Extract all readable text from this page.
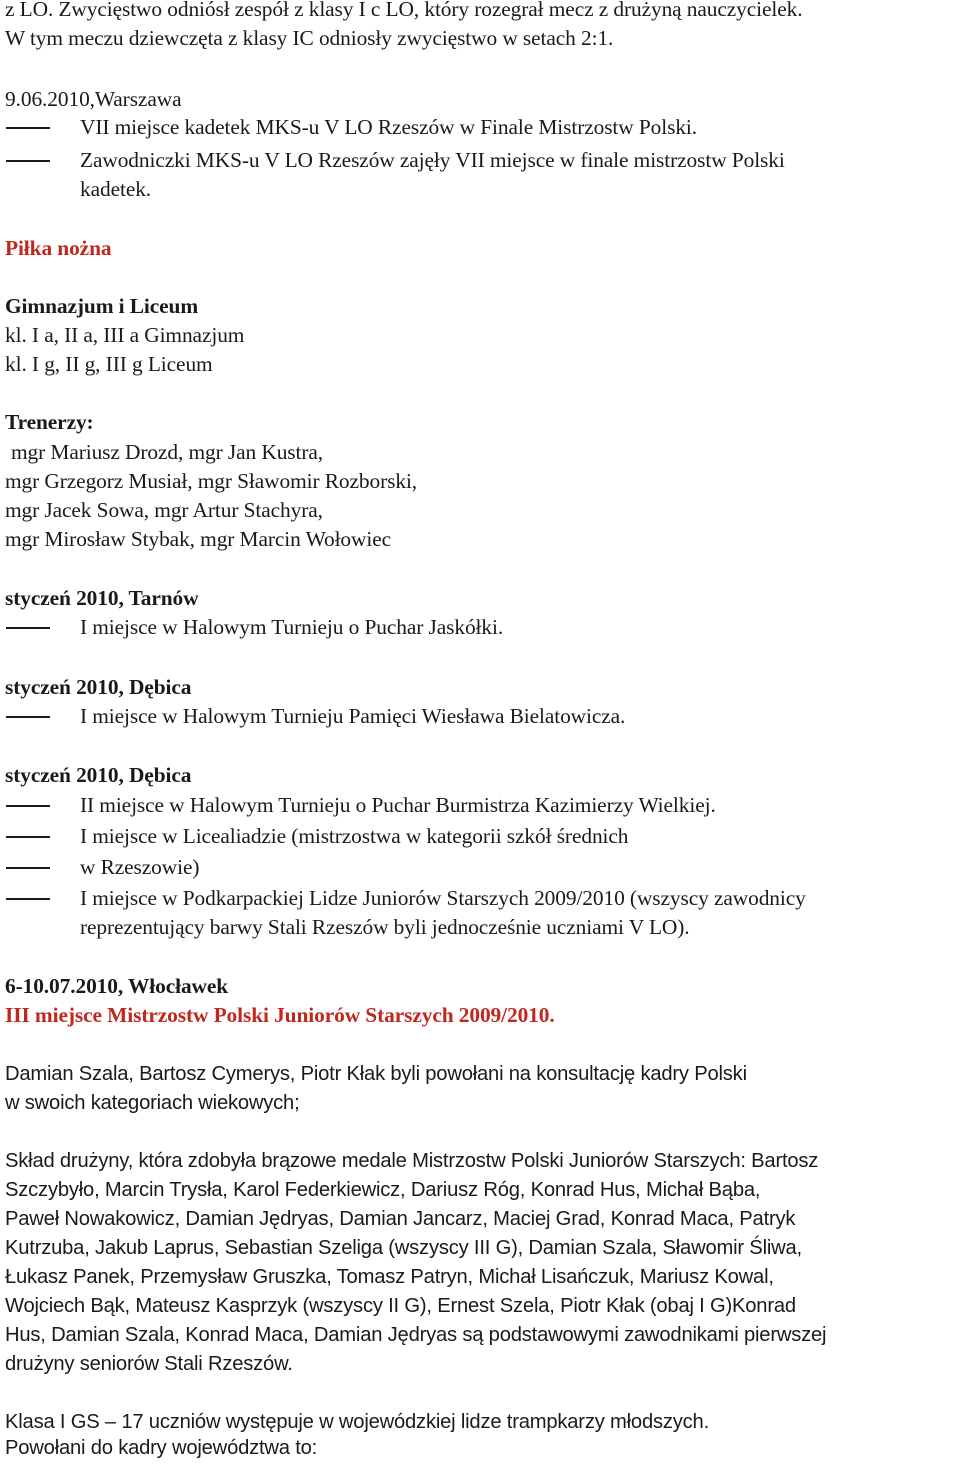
z LO. Zwycięstwo odniósł zespół z klasy I c LO, który rozegrał mecz z drużyną nauczycielek.

W tym meczu dziewczęta z klasy IC odniosły zwycięstwo w setach 2:1.

9.06.2010,Warszawa

VII miejsce kadetek MKS-u V LO Rzeszów w Finale Mistrzostw Polski.

Zawodniczki MKS-u V LO Rzeszów zajęły VII miejsce w finale mistrzostw Polski

kadetek.

Piłka nożna

Gimnazjum i Liceum

kl. I a, II a, III a Gimnazjum

kl. I g, II g, III g Liceum

Trenerzy:

mgr Mariusz Drozd, mgr Jan Kustra,

mgr Grzegorz Musiał, mgr Sławomir Rozborski,

mgr Jacek Sowa, mgr Artur Stachyra,

mgr Mirosław Stybak, mgr Marcin Wołowiec

styczeń 2010, Tarnów

I miejsce w Halowym Turnieju o Puchar Jaskółki.

styczeń 2010, Dębica

I miejsce w Halowym Turnieju Pamięci Wiesława Bielatowicza.

styczeń 2010, Dębica

II miejsce w Halowym Turnieju o Puchar Burmistrza Kazimierzy Wielkiej.

I miejsce w Licealiadzie (mistrzostwa w kategorii szkół średnich

w Rzeszowie)

I miejsce w Podkarpackiej Lidze Juniorów Starszych 2009/2010 (wszyscy zawodnicy

reprezentujący barwy Stali Rzeszów byli jednocześnie uczniami V LO).

6-10.07.2010, Włocławek

III miejsce Mistrzostw Polski Juniorów Starszych 2009/2010.

Damian Szala, Bartosz Cymerys, Piotr Kłak byli powołani na konsultację kadry Polski

w swoich kategoriach wiekowych;

Skład drużyny, która zdobyła brązowe medale Mistrzostw Polski Juniorów Starszych: Bartosz

Szczybyło, Marcin Trysła, Karol Federkiewicz, Dariusz Róg, Konrad Hus, Michał Bąba,

Paweł Nowakowicz, Damian Jędryas, Damian Jancarz, Maciej Grad, Konrad Maca, Patryk

Kutrzuba, Jakub Laprus, Sebastian Szeliga (wszyscy III G), Damian Szala, Sławomir Śliwa,

Łukasz Panek, Przemysław Gruszka, Tomasz Patryn, Michał Lisańczuk, Mariusz Kowal,

Wojciech Bąk, Mateusz Kasprzyk (wszyscy II G), Ernest Szela, Piotr Kłak (obaj I G)Konrad

Hus, Damian Szala, Konrad Maca, Damian Jędryas są podstawowymi zawodnikami pierwszej

drużyny seniorów Stali Rzeszów.

Klasa I GS – 17 uczniów występuje w wojewódzkiej lidze trampkarzy młodszych.

Powołani do kadry województwa to:
